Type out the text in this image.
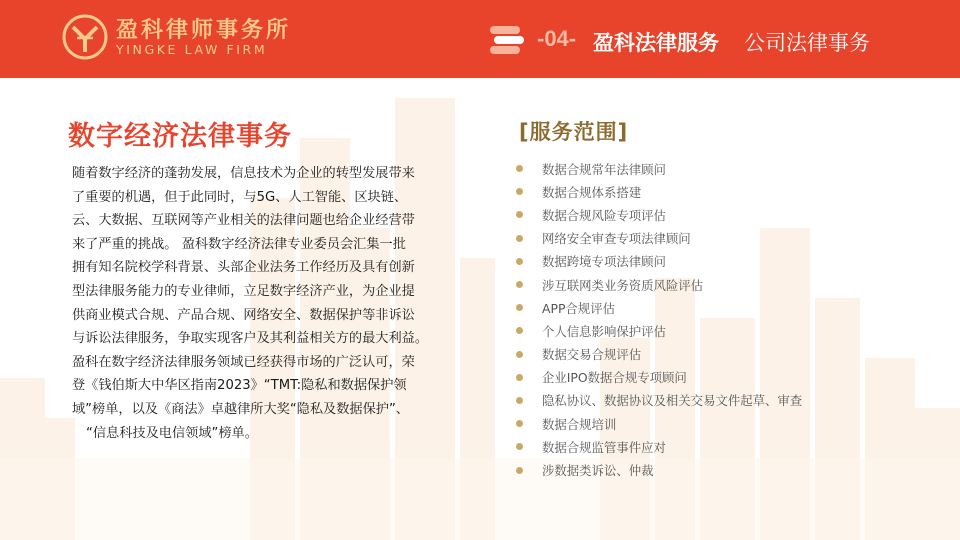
盈科律师事务所
YINGKE LAW FIRM	-04- 盈科法律服务 公司法律事务
数字经济法律事务
随着数字经济的蓬勃发展，信息技术为企业的转型发展带来
了重要的机遇，但于此同时，与5G、人工智能、区块链、
云、大数据、互联网等产业相关的法律问题也给企业经营带
来了严重的挑战。 盈科数字经济法律专业委员会汇集一批
拥有知名院校学科背景、头部企业法务工作经历及具有创新
型法律服务能力的专业律师，立足数字经济产业，为企业提
供商业模式合规、产品合规、网络安全、数据保护等非诉讼
与诉讼法律服务，争取实现客户及其利益相关方的最大利益。
盈科在数字经济法律服务领域已经获得市场的广泛认可，荣
登《钱伯斯大中华区指南2023》“TMT:隐私和数据保护领
域”榜单，以及《商法》卓越律所大奖“隐私及数据保护”、
“信息科技及电信领域”榜单。
[服务范围]
数据合规常年法律顾问
数据合规体系搭建
数据合规风险专项评估
网络安全审查专项法律顾问
数据跨境专项法律顾问
涉互联网类业务资质风险评估
APP合规评估
个人信息影响保护评估
数据交易合规评估
企业IPO数据合规专项顾问
隐私协议、数据协议及相关交易文件起草、审查
数据合规培训
数据合规监管事件应对
涉数据类诉讼、仲裁
